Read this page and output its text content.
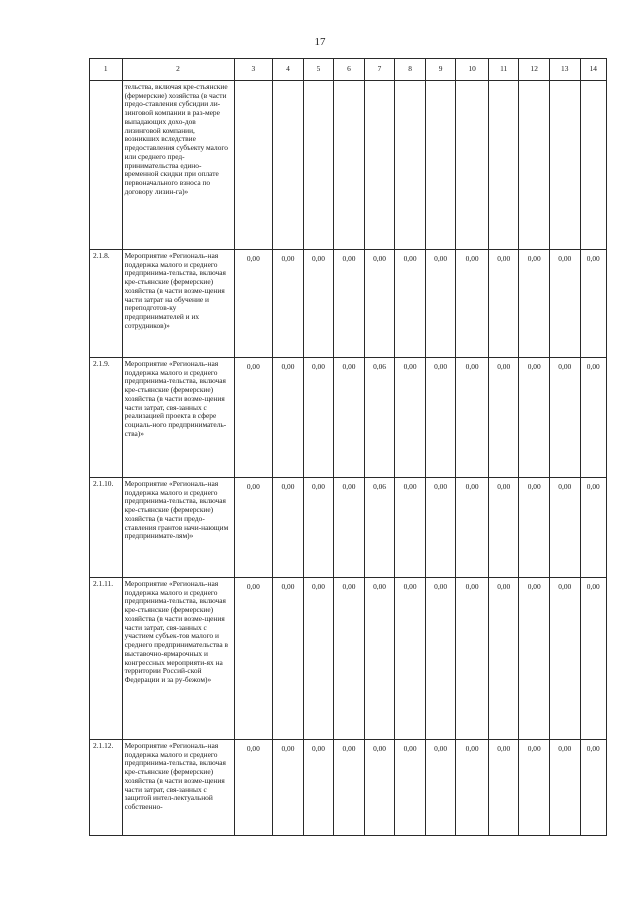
17
1	2	3	4	5	6	7	8	9	10	11	12	13	14

	тельства, включая кре-стьянские (фермерские) хозяйства (в части предо-ставления субсидии ли-зинговой компании в раз-мере выпадающих дохо-дов лизинговой компании, возникших вследствие предоставления субъекту малого или среднего пред-принимательства едино-временной скидки при оплате первоначального взноса по договору лизин-га)»												

2.1.8.	Мероприятие «Региональ-ная поддержка малого и среднего предпринима-тельства, включая кре-стьянские (фермерские) хозяйства (в части возме-щения части затрат на обучение и переподготов-ку предпринимателей и их сотрудников)»	0,00	0,00	0,00	0,00	0,00	0,00	0,00	0,00	0,00	0,00	0,00	0,00
2.1.9.	Мероприятие «Региональ-ная поддержка малого и среднего предпринима-тельства, включая кре-стьянские (фермерские) хозяйства (в части возме-щения части затрат, свя-занных с реализацией проекта в сфере социаль-ного предприниматель-ства)»	0,00	0,00	0,00	0,00	0,06	0,00	0,00	0,00	0,00	0,00	0,00	0,00
2.1.10.	Мероприятие «Региональ-ная поддержка малого и среднего предпринима-тельства, включая кре-стьянские (фермерские) хозяйства (в части предо-ставления грантов начи-нающим предпринимате-лям)»	0,00	0,00	0,00	0,00	0,06	0,00	0,00	0,00	0,00	0,00	0,00	0,00
2.1.11.	Мероприятие «Региональ-ная поддержка малого и среднего предпринима-тельства, включая кре-стьянские (фермерские) хозяйства (в части возме-щения части затрат, свя-занных с участием субъек-тов малого и среднего предпринимательства в выставочно-ярмарочных и конгрессных мероприяти-ях на территории Россий-ской Федерации и за ру-бежом)»	0,00	0,00	0,00	0,00	0,00	0,00	0,00	0,00	0,00	0,00	0,00	0,00
2.1.12.	Мероприятие «Региональ-ная поддержка малого и среднего предпринима-тельства, включая кре-стьянские (фермерские) хозяйства (в части возме-щения части затрат, свя-занных с защитой интел-лектуальной собственно-	0,00	0,00	0,00	0,00	0,00	0,00	0,00	0,00	0,00	0,00	0,00	0,00
